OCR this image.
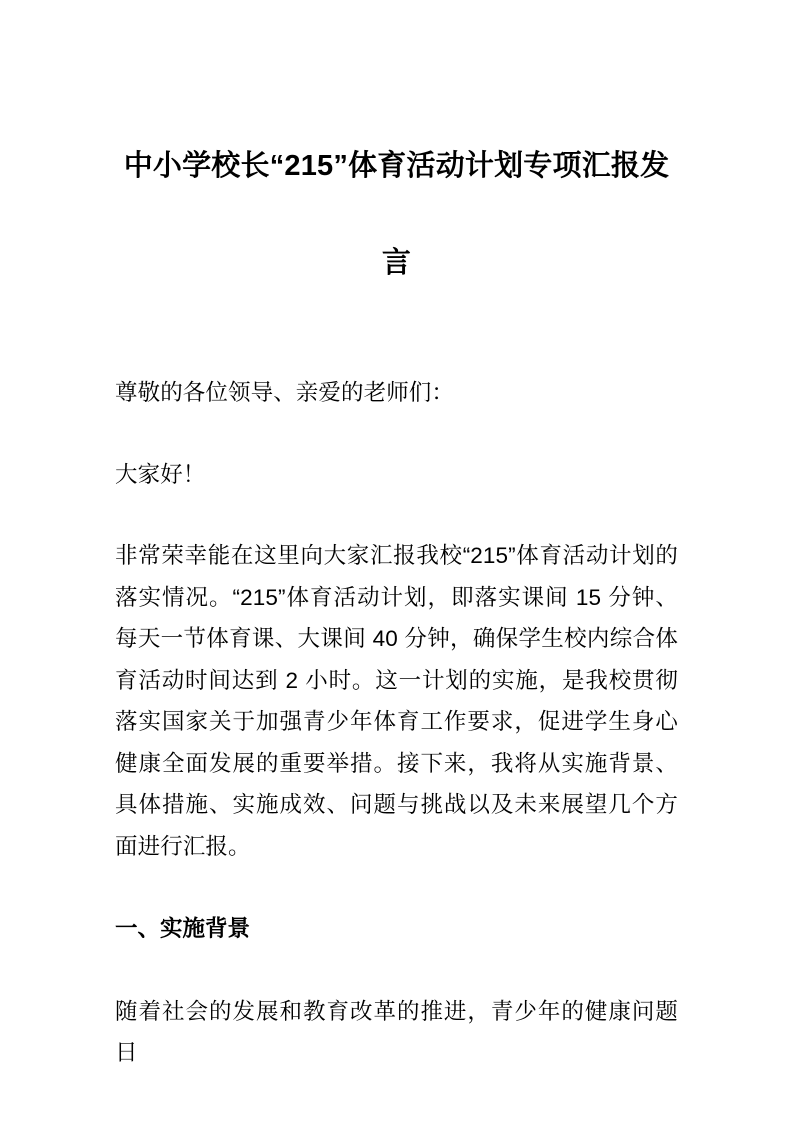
中小学校长“215”体育活动计划专项汇报发言

尊敬的各位领导、亲爱的老师们：

大家好！

非常荣幸能在这里向大家汇报我校“215”体育活动计划的落实情况。“215”体育活动计划，即落实课间 15 分钟、每天一节体育课、大课间 40 分钟，确保学生校内综合体育活动时间达到 2 小时。这一计划的实施，是我校贯彻落实国家关于加强青少年体育工作要求，促进学生身心健康全面发展的重要举措。接下来，我将从实施背景、具体措施、实施成效、问题与挑战以及未来展望几个方面进行汇报。

一、实施背景

随着社会的发展和教育改革的推进，青少年的健康问题日
